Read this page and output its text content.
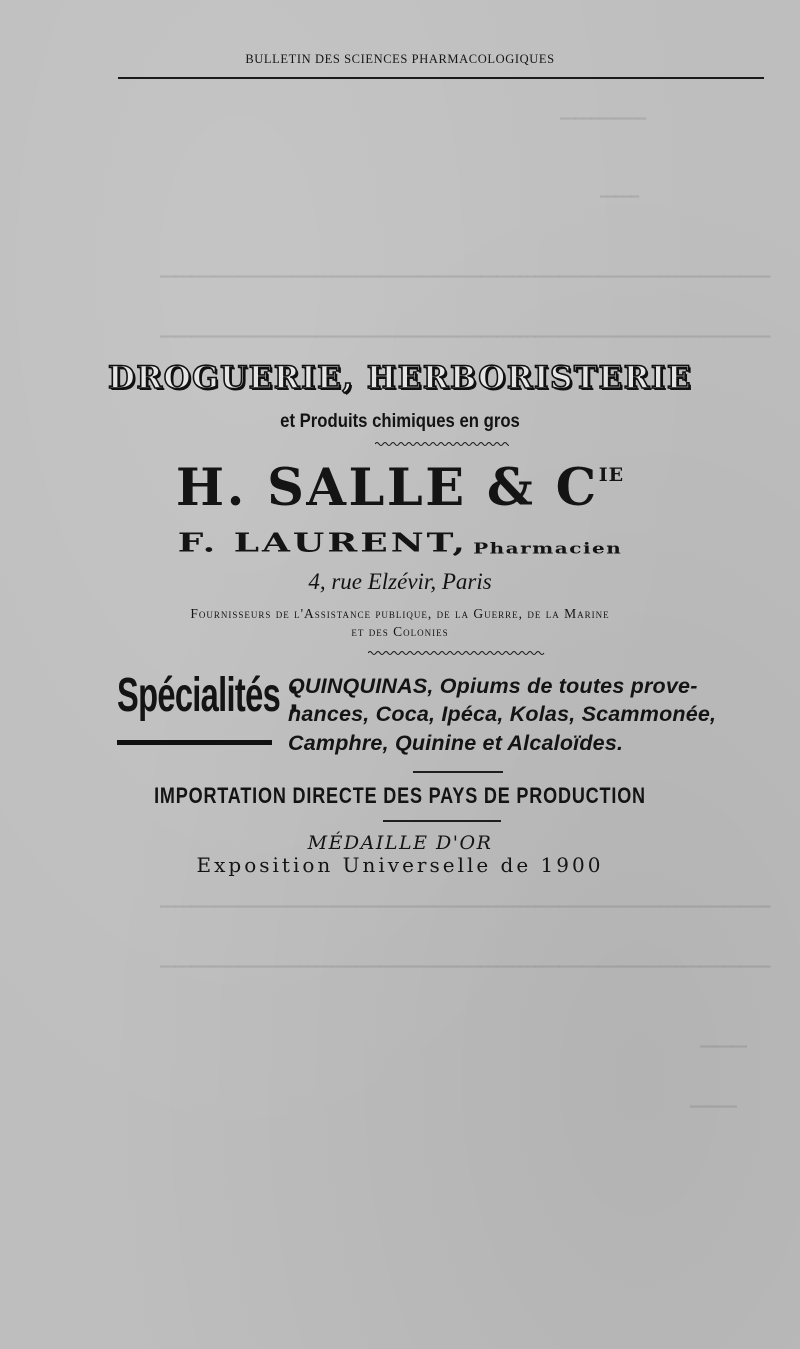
━━━━━━━━━━━
━━━━━
━━━━━━━━━━━━━━━━━━━━━━━━━━━━━━━━━━━━━━━━━━━━━━━━━━━━━━━━━━━━━━━━━━━━━━━━━━━━━━
━━━━━━━━━━━━━━━━━━━━━━━━━━━━━━━━━━━━━━━━━━━━━━━━━━━━━━━━━━━━━━━━━━━━━━━━━━━━━━
━━━━━━━━━━━━━━━━━━━━━━━━━━━━━━━━━━━━━━━━━━━━━━━━━━━━━━━━━━━━━━━━━━━━━━━━━━━━━━
━━━━━━━━━━━━━━━━━━━━━━━━━━━━━━━━━━━━━━━━━━━━━━━━━━━━━━━━━━━━━━━━━━━━━━━━━━━━━━
━━━━━━
━━━━━━
BULLETIN DES SCIENCES PHARMACOLOGIQUES
DROGUERIE, HERBORISTERIE
et Produits chimiques en gros
H. SALLE & $C^{IE}$
F. LAURENT, Pharmacien
4, rue Elzévir, Paris
Fournisseurs de l'Assistance publique, de la Guerre, de la Marine
et des Colonies
Spécialités :
QUINQUINAS, Opiums de toutes prove-
nances, Coca, Ipéca, Kolas, Scammonée,
Camphre, Quinine et Alcaloïdes.
IMPORTATION DIRECTE DES PAYS DE PRODUCTION
MÉDAILLE D'OR
Exposition Universelle de 1900
